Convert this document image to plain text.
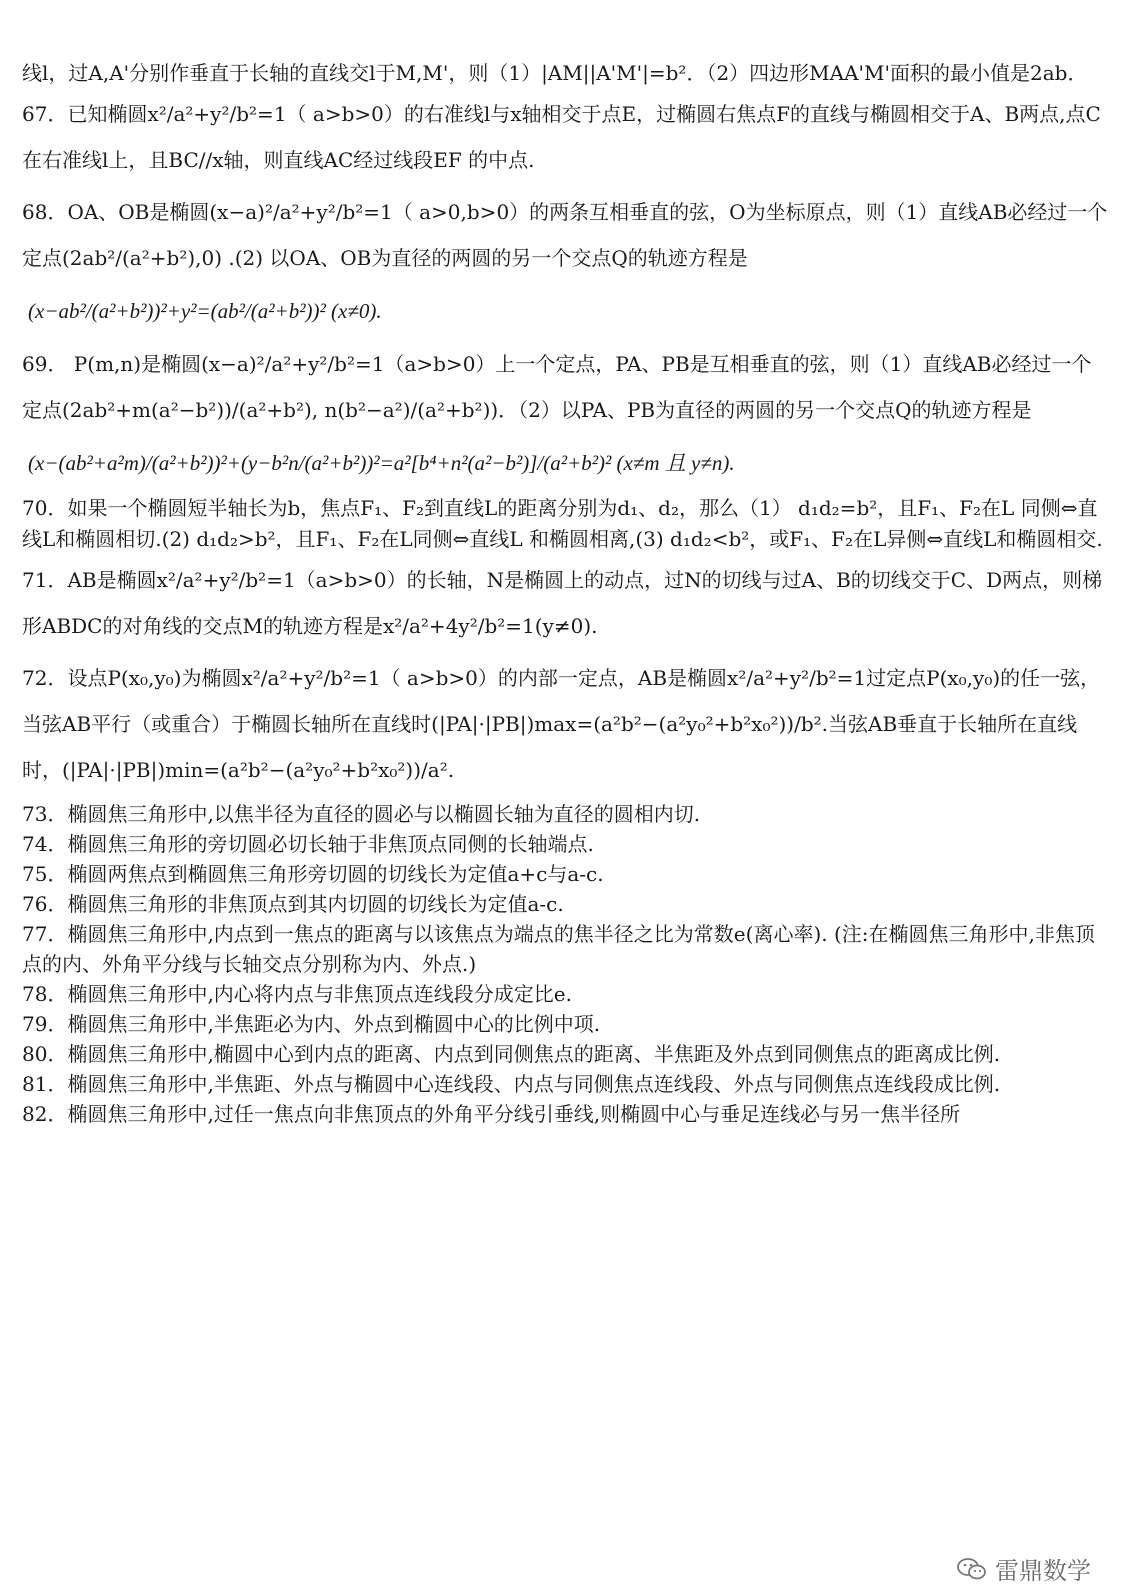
线l，过A,A'分别作垂直于长轴的直线交l于M,M'，则（1）|AM||A'M'|=b²．（2）四边形MAA'M'面积的最小值是2ab．

67．已知椭圆x²/a²+y²/b²=1（ a>b>0）的右准线l与x轴相交于点E，过椭圆右焦点F的直线与椭圆相交于A、B两点,点C在右准线l上，且BC//x轴，则直线AC经过线段EF 的中点.

68．OA、OB是椭圆(x−a)²/a²+y²/b²=1（ a>0,b>0）的两条互相垂直的弦，O为坐标原点，则（1）直线AB必经过一个定点(2ab²/(a²+b²),0) .(2) 以OA、OB为直径的两圆的另一个交点Q的轨迹方程是

(x−ab²/(a²+b²))²+y²=(ab²/(a²+b²))² (x≠0).

69． P(m,n)是椭圆(x−a)²/a²+y²/b²=1（a>b>0）上一个定点，PA、PB是互相垂直的弦，则（1）直线AB必经过一个定点(2ab²+m(a²−b²))/(a²+b²), n(b²−a²)/(a²+b²))．（2）以PA、PB为直径的两圆的另一个交点Q的轨迹方程是

(x−(ab²+a²m)/(a²+b²))²+(y−b²n/(a²+b²))²=a²[b⁴+n²(a²−b²)]/(a²+b²)² (x≠m 且 y≠n).

70．如果一个椭圆短半轴长为b，焦点F₁、F₂到直线L的距离分别为d₁、d₂，那么（1） d₁d₂=b²，且F₁、F₂在L 同侧⇔直线L和椭圆相切.(2) d₁d₂>b²，且F₁、F₂在L同侧⇔直线L 和椭圆相离,(3) d₁d₂<b²，或F₁、F₂在L异侧⇔直线L和椭圆相交.

71．AB是椭圆x²/a²+y²/b²=1（a>b>0）的长轴，N是椭圆上的动点，过N的切线与过A、B的切线交于C、D两点，则梯形ABDC的对角线的交点M的轨迹方程是x²/a²+4y²/b²=1(y≠0).

72．设点P(x₀,y₀)为椭圆x²/a²+y²/b²=1（ a>b>0）的内部一定点，AB是椭圆x²/a²+y²/b²=1过定点P(x₀,y₀)的任一弦，当弦AB平行（或重合）于椭圆长轴所在直线时(|PA|·|PB|)max=(a²b²−(a²y₀²+b²x₀²))/b².当弦AB垂直于长轴所在直线时，(|PA|·|PB|)min=(a²b²−(a²y₀²+b²x₀²))/a².

73．椭圆焦三角形中,以焦半径为直径的圆必与以椭圆长轴为直径的圆相内切.

74．椭圆焦三角形的旁切圆必切长轴于非焦顶点同侧的长轴端点.

75．椭圆两焦点到椭圆焦三角形旁切圆的切线长为定值a+c与a-c.

76．椭圆焦三角形的非焦顶点到其内切圆的切线长为定值a-c.

77．椭圆焦三角形中,内点到一焦点的距离与以该焦点为端点的焦半径之比为常数e(离心率). (注:在椭圆焦三角形中,非焦顶点的内、外角平分线与长轴交点分别称为内、外点.)

78．椭圆焦三角形中,内心将内点与非焦顶点连线段分成定比e.

79．椭圆焦三角形中,半焦距必为内、外点到椭圆中心的比例中项.

80．椭圆焦三角形中,椭圆中心到内点的距离、内点到同侧焦点的距离、半焦距及外点到同侧焦点的距离成比例.

81．椭圆焦三角形中,半焦距、外点与椭圆中心连线段、内点与同侧焦点连线段、外点与同侧焦点连线段成比例.

82．椭圆焦三角形中,过任一焦点向非焦顶点的外角平分线引垂线,则椭圆中心与垂足连线必与另一焦半径所

雷鼎数学
